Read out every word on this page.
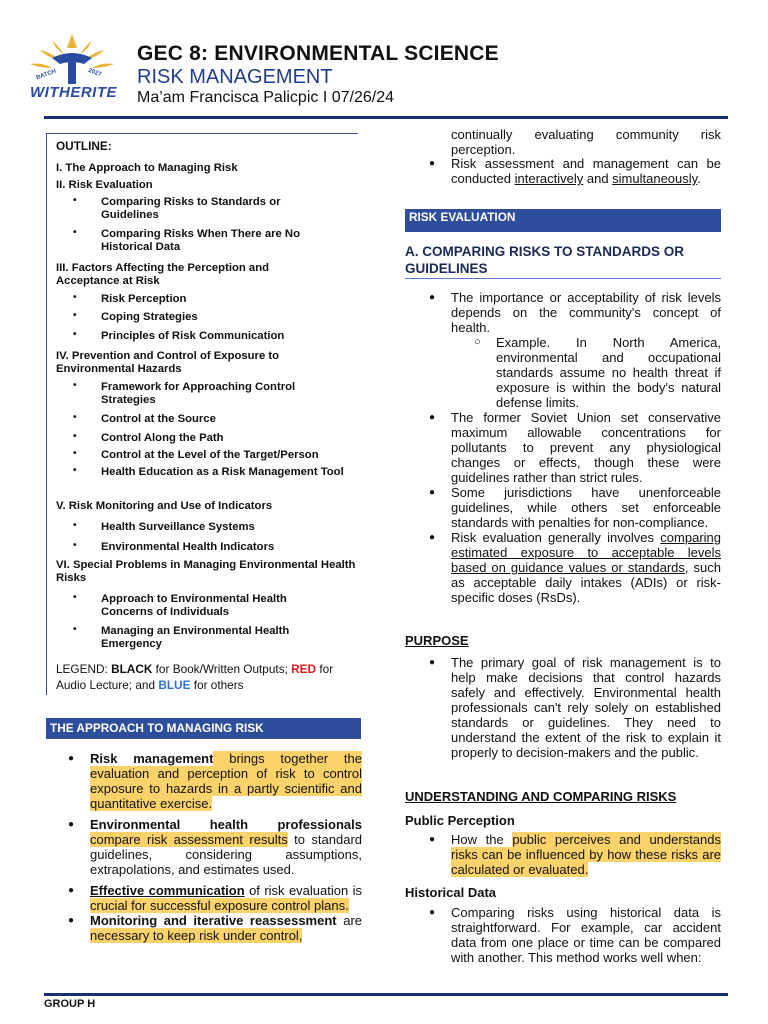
BATCH	2027
WITHERITE
GEC 8: ENVIRONMENTAL SCIENCE
RISK MANAGEMENT
Ma’am Francisca Palicpic I 07/26/24
OUTLINE:
I. The Approach to Managing Risk
II. Risk Evaluation
• Comparing Risks to Standards or Guidelines
• Comparing Risks When There are No Historical Data
III. Factors Affecting the Perception and Acceptance at Risk
• Risk Perception
• Coping Strategies
• Principles of Risk Communication
IV. Prevention and Control of Exposure to Environmental Hazards
• Framework for Approaching Control Strategies
• Control at the Source
• Control Along the Path
• Control at the Level of the Target/Person
• Health Education as a Risk Management Tool
V. Risk Monitoring and Use of Indicators
• Health Surveillance Systems
• Environmental Health Indicators
VI. Special Problems in Managing Environmental Health Risks
• Approach to Environmental Health Concerns of Individuals
• Managing an Environmental Health Emergency
LEGEND: BLACK for Book/Written Outputs; RED for Audio Lecture; and BLUE for others
THE APPROACH TO MANAGING RISK
● Risk management brings together the evaluation and perception of risk to control exposure to hazards in a partly scientific and quantitative exercise.
● Environmental health professionals compare risk assessment results to standard guidelines, considering assumptions, extrapolations, and estimates used.
● Effective communication of risk evaluation is crucial for successful exposure control plans.
● Monitoring and iterative reassessment are necessary to keep risk under control,
continually evaluating community risk perception.
● Risk assessment and management can be conducted interactively and simultaneously.
RISK EVALUATION
A. COMPARING RISKS TO STANDARDS OR GUIDELINES
● The importance or acceptability of risk levels depends on the community's concept of health.
○ Example. In North America, environmental and occupational standards assume no health threat if exposure is within the body's natural defense limits.
● The former Soviet Union set conservative maximum allowable concentrations for pollutants to prevent any physiological changes or effects, though these were guidelines rather than strict rules.
● Some jurisdictions have unenforceable guidelines, while others set enforceable standards with penalties for non-compliance.
● Risk evaluation generally involves comparing estimated exposure to acceptable levels based on guidance values or standards, such as acceptable daily intakes (ADIs) or risk-specific doses (RsDs).
PURPOSE
● The primary goal of risk management is to help make decisions that control hazards safely and effectively. Environmental health professionals can't rely solely on established standards or guidelines. They need to understand the extent of the risk to explain it properly to decision-makers and the public.
UNDERSTANDING AND COMPARING RISKS
Public Perception
● How the public perceives and understands risks can be influenced by how these risks are calculated or evaluated.
Historical Data
● Comparing risks using historical data is straightforward. For example, car accident data from one place or time can be compared with another. This method works well when:
GROUP H
